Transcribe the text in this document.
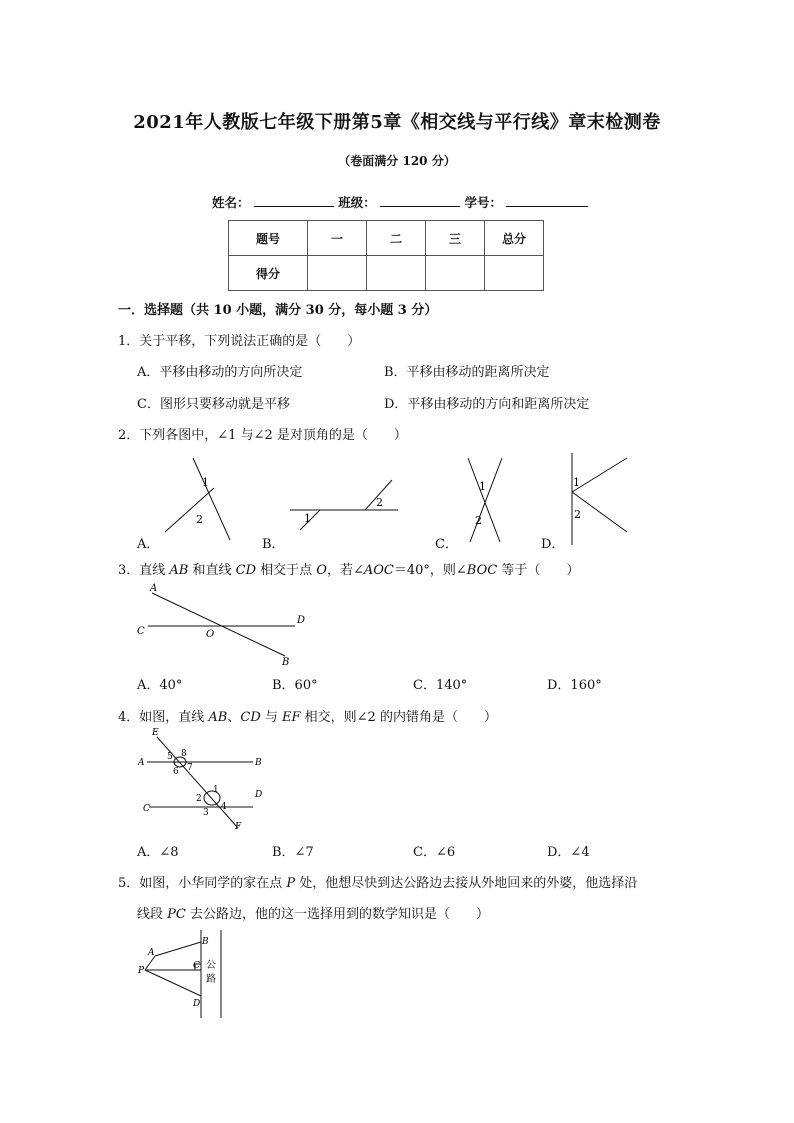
2021年人教版七年级下册第5章《相交线与平行线》章末检测卷
（卷面满分 120 分）
姓名：	班级：	学号：
题号	一	二	三	总分
得分				
一．选择题（共 10 小题，满分 30 分，每小题 3 分）
1．关于平移，下列说法正确的是（　　）
A．平移由移动的方向所决定	B．平移由移动的距离所决定
C．图形只要移动就是平移	D．平移由移动的方向和距离所决定
2．下列各图中，∠1 与∠2 是对顶角的是（　　）
1
2	1
2
1
2
1
2
A．	B．	C．	D．
3．直线 AB 和直线 CD 相交于点 O，若∠AOC＝40°，则∠BOC 等于（　　）
A
C
D
O
B
A．40°	B．60°	C．140°	D．160°
4．如图，直线 AB、CD 与 EF 相交，则∠2 的内错角是（　　）
E
A	B
C
D
F
5 8
6 7
1
2
4
3
A．∠8	B．∠7	C．∠6	D．∠4
5．如图，小华同学的家在点 P 处，他想尽快到达公路边去接从外地回来的外婆，他选择沿
线段 PC 去公路边，他的这一选择用到的数学知识是（　　）
A
B
C
D
P	公
路
